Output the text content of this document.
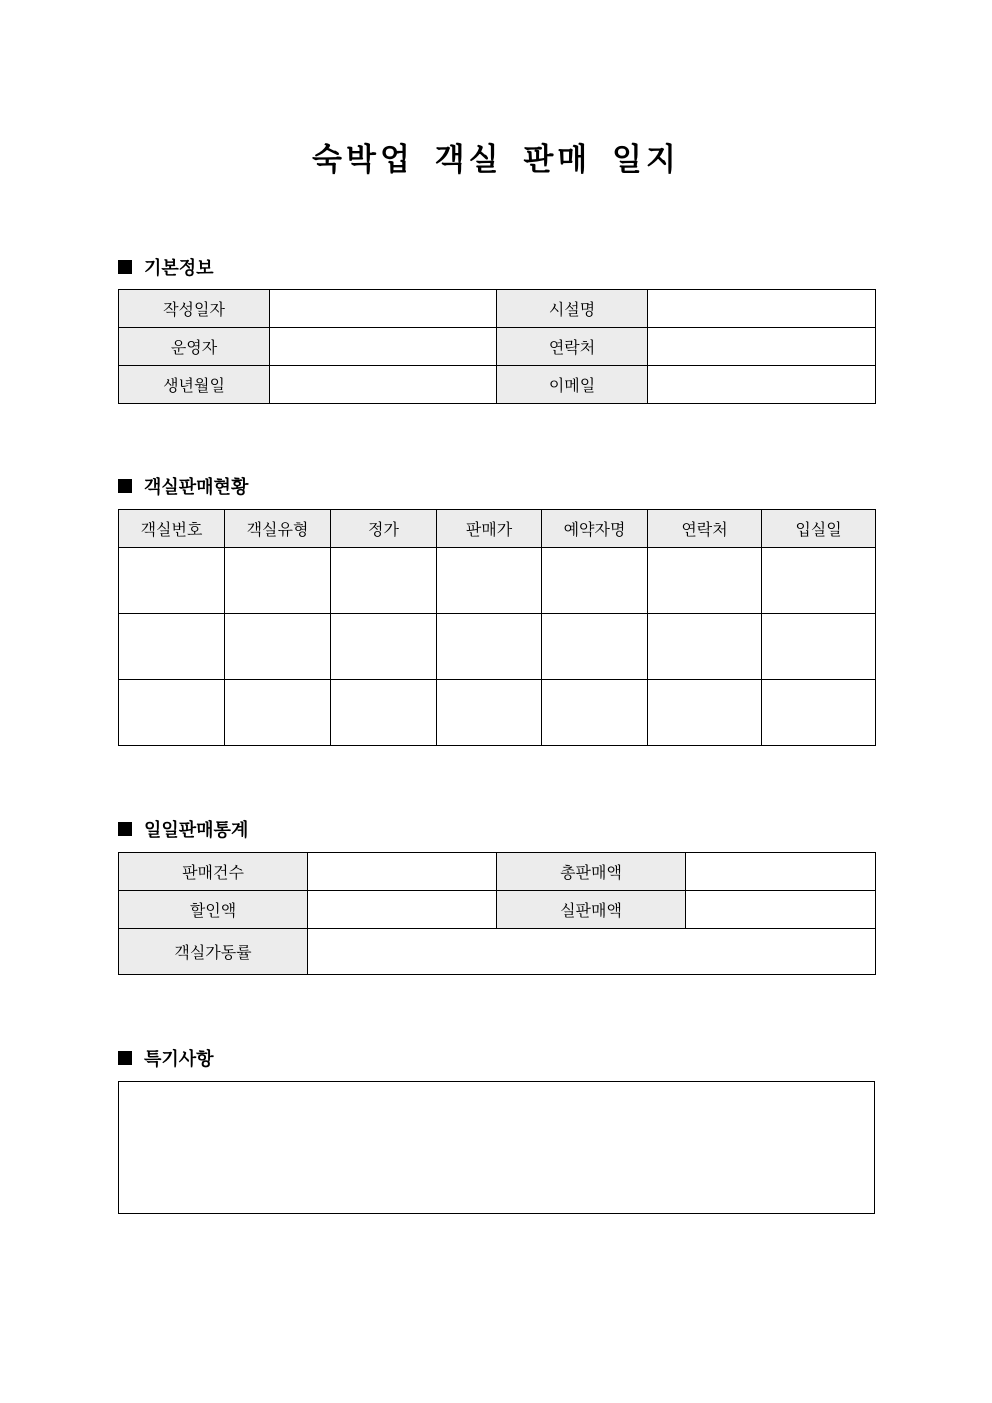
숙박업 객실 판매 일지
기본정보
작성일자		시설명	
운영자		연락처	
생년월일		이메일	
객실판매현황
객실번호	객실유형	정가	판매가	예약자명	연락처	입실일

일일판매통계
판매건수		총판매액	
할인액		실판매액	
객실가동률			
특기사항
